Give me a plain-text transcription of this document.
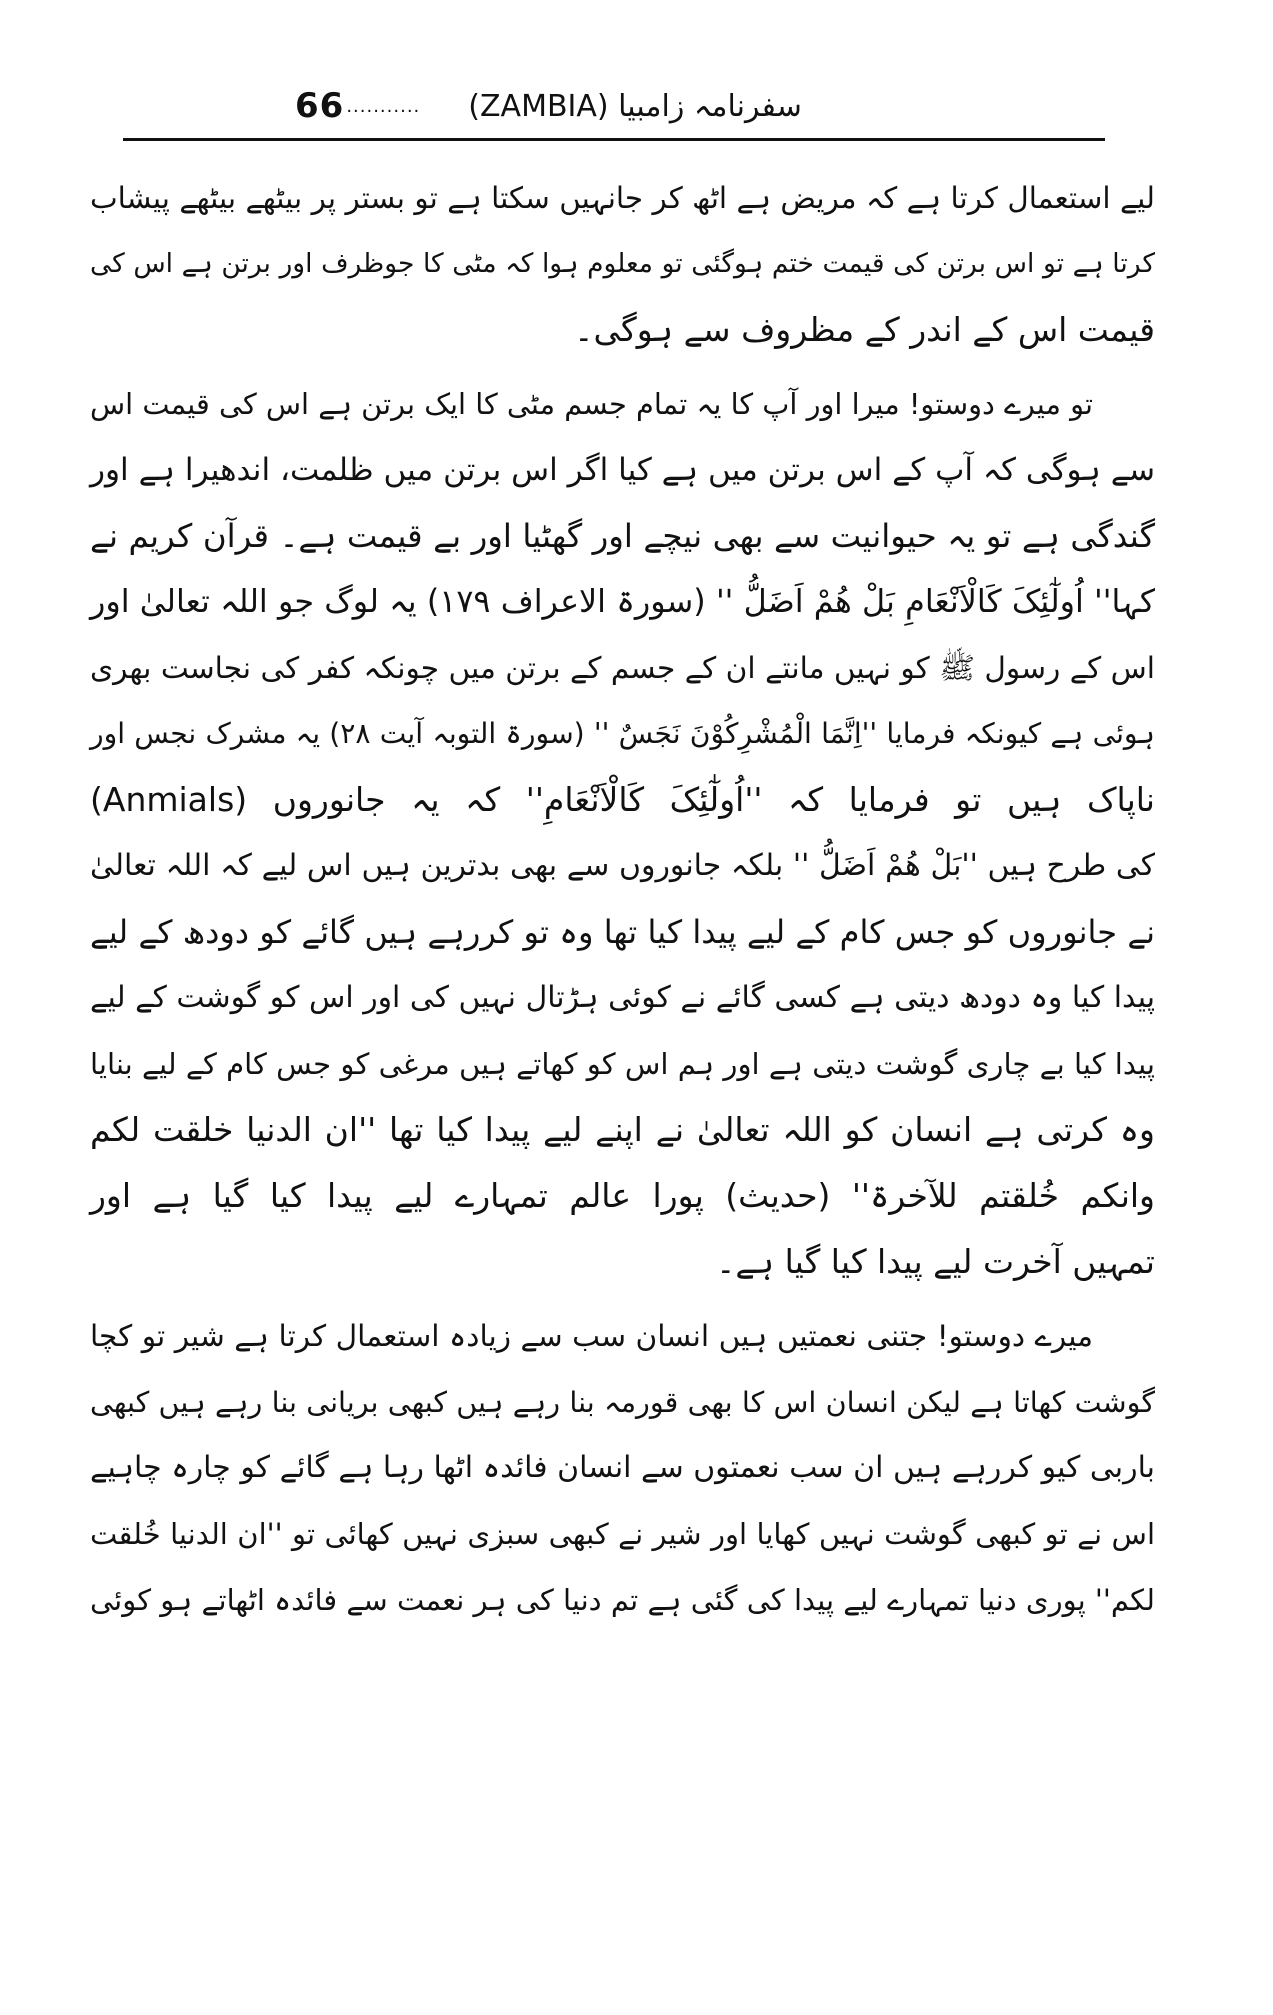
66 ........... سفرنامہ زامبیا (ZAMBIA)
لیے استعمال کرتا ہے کہ مریض ہے اٹھ کر جانہیں سکتا ہے تو بستر پر بیٹھے بیٹھے پیشاب
کرتا ہے تو اس برتن کی قیمت ختم ہوگئی تو معلوم ہوا کہ مٹی کا جوظرف اور برتن ہے اس کی
قیمت اس کے اندر کے مظروف سے ہوگی۔
تو میرے دوستو! میرا اور آپ کا یہ تمام جسم مٹی کا ایک برتن ہے اس کی قیمت اس
سے ہوگی کہ آپ کے اس برتن میں ہے کیا اگر اس برتن میں ظلمت، اندھیرا ہے اور
گندگی ہے تو یہ حیوانیت سے بھی نیچے اور گھٹیا اور بے قیمت ہے۔ قرآن کریم نے
کہا'' اُولٰٓئِکَ کَالْاَنْعَامِ بَلْ ھُمْ اَضَلُّ '' (سورۃ الاعراف ۱۷۹) یہ لوگ جو اللہ تعالیٰ اور
اس کے رسول ﷺ کو نہیں مانتے ان کے جسم کے برتن میں چونکہ کفر کی نجاست بھری
ہوئی ہے کیونکہ فرمایا ''اِنَّمَا الْمُشْرِکُوْنَ نَجَسٌ '' (سورۃ التوبہ آیت ۲۸) یہ مشرک نجس اور
ناپاک ہیں تو فرمایا کہ ''اُولٰٓئِکَ کَالْاَنْعَامِ'' کہ یہ جانوروں (Anmials)
کی طرح ہیں ''بَلْ ھُمْ اَضَلُّ '' بلکہ جانوروں سے بھی بدترین ہیں اس لیے کہ اللہ تعالیٰ
نے جانوروں کو جس کام کے لیے پیدا کیا تھا وہ تو کررہے ہیں گائے کو دودھ کے لیے
پیدا کیا وہ دودھ دیتی ہے کسی گائے نے کوئی ہڑتال نہیں کی اور اس کو گوشت کے لیے
پیدا کیا بے چاری گوشت دیتی ہے اور ہم اس کو کھاتے ہیں مرغی کو جس کام کے لیے بنایا
وہ کرتی ہے انسان کو اللہ تعالیٰ نے اپنے لیے پیدا کیا تھا ''ان الدنیا خلقت لکم
وانکم خُلقتم للآخرۃ'' (حدیث) پورا عالم تمہارے لیے پیدا کیا گیا ہے اور
تمہیں آخرت لیے پیدا کیا گیا ہے۔
میرے دوستو! جتنی نعمتیں ہیں انسان سب سے زیادہ استعمال کرتا ہے شیر تو کچا
گوشت کھاتا ہے لیکن انسان اس کا بھی قورمہ بنا رہے ہیں کبھی بریانی بنا رہے ہیں کبھی
باربی کیو کررہے ہیں ان سب نعمتوں سے انسان فائدہ اٹھا رہا ہے گائے کو چارہ چاہیے
اس نے تو کبھی گوشت نہیں کھایا اور شیر نے کبھی سبزی نہیں کھائی تو ''ان الدنیا خُلقت
لکم'' پوری دنیا تمہارے لیے پیدا کی گئی ہے تم دنیا کی ہر نعمت سے فائدہ اٹھاتے ہو کوئی
